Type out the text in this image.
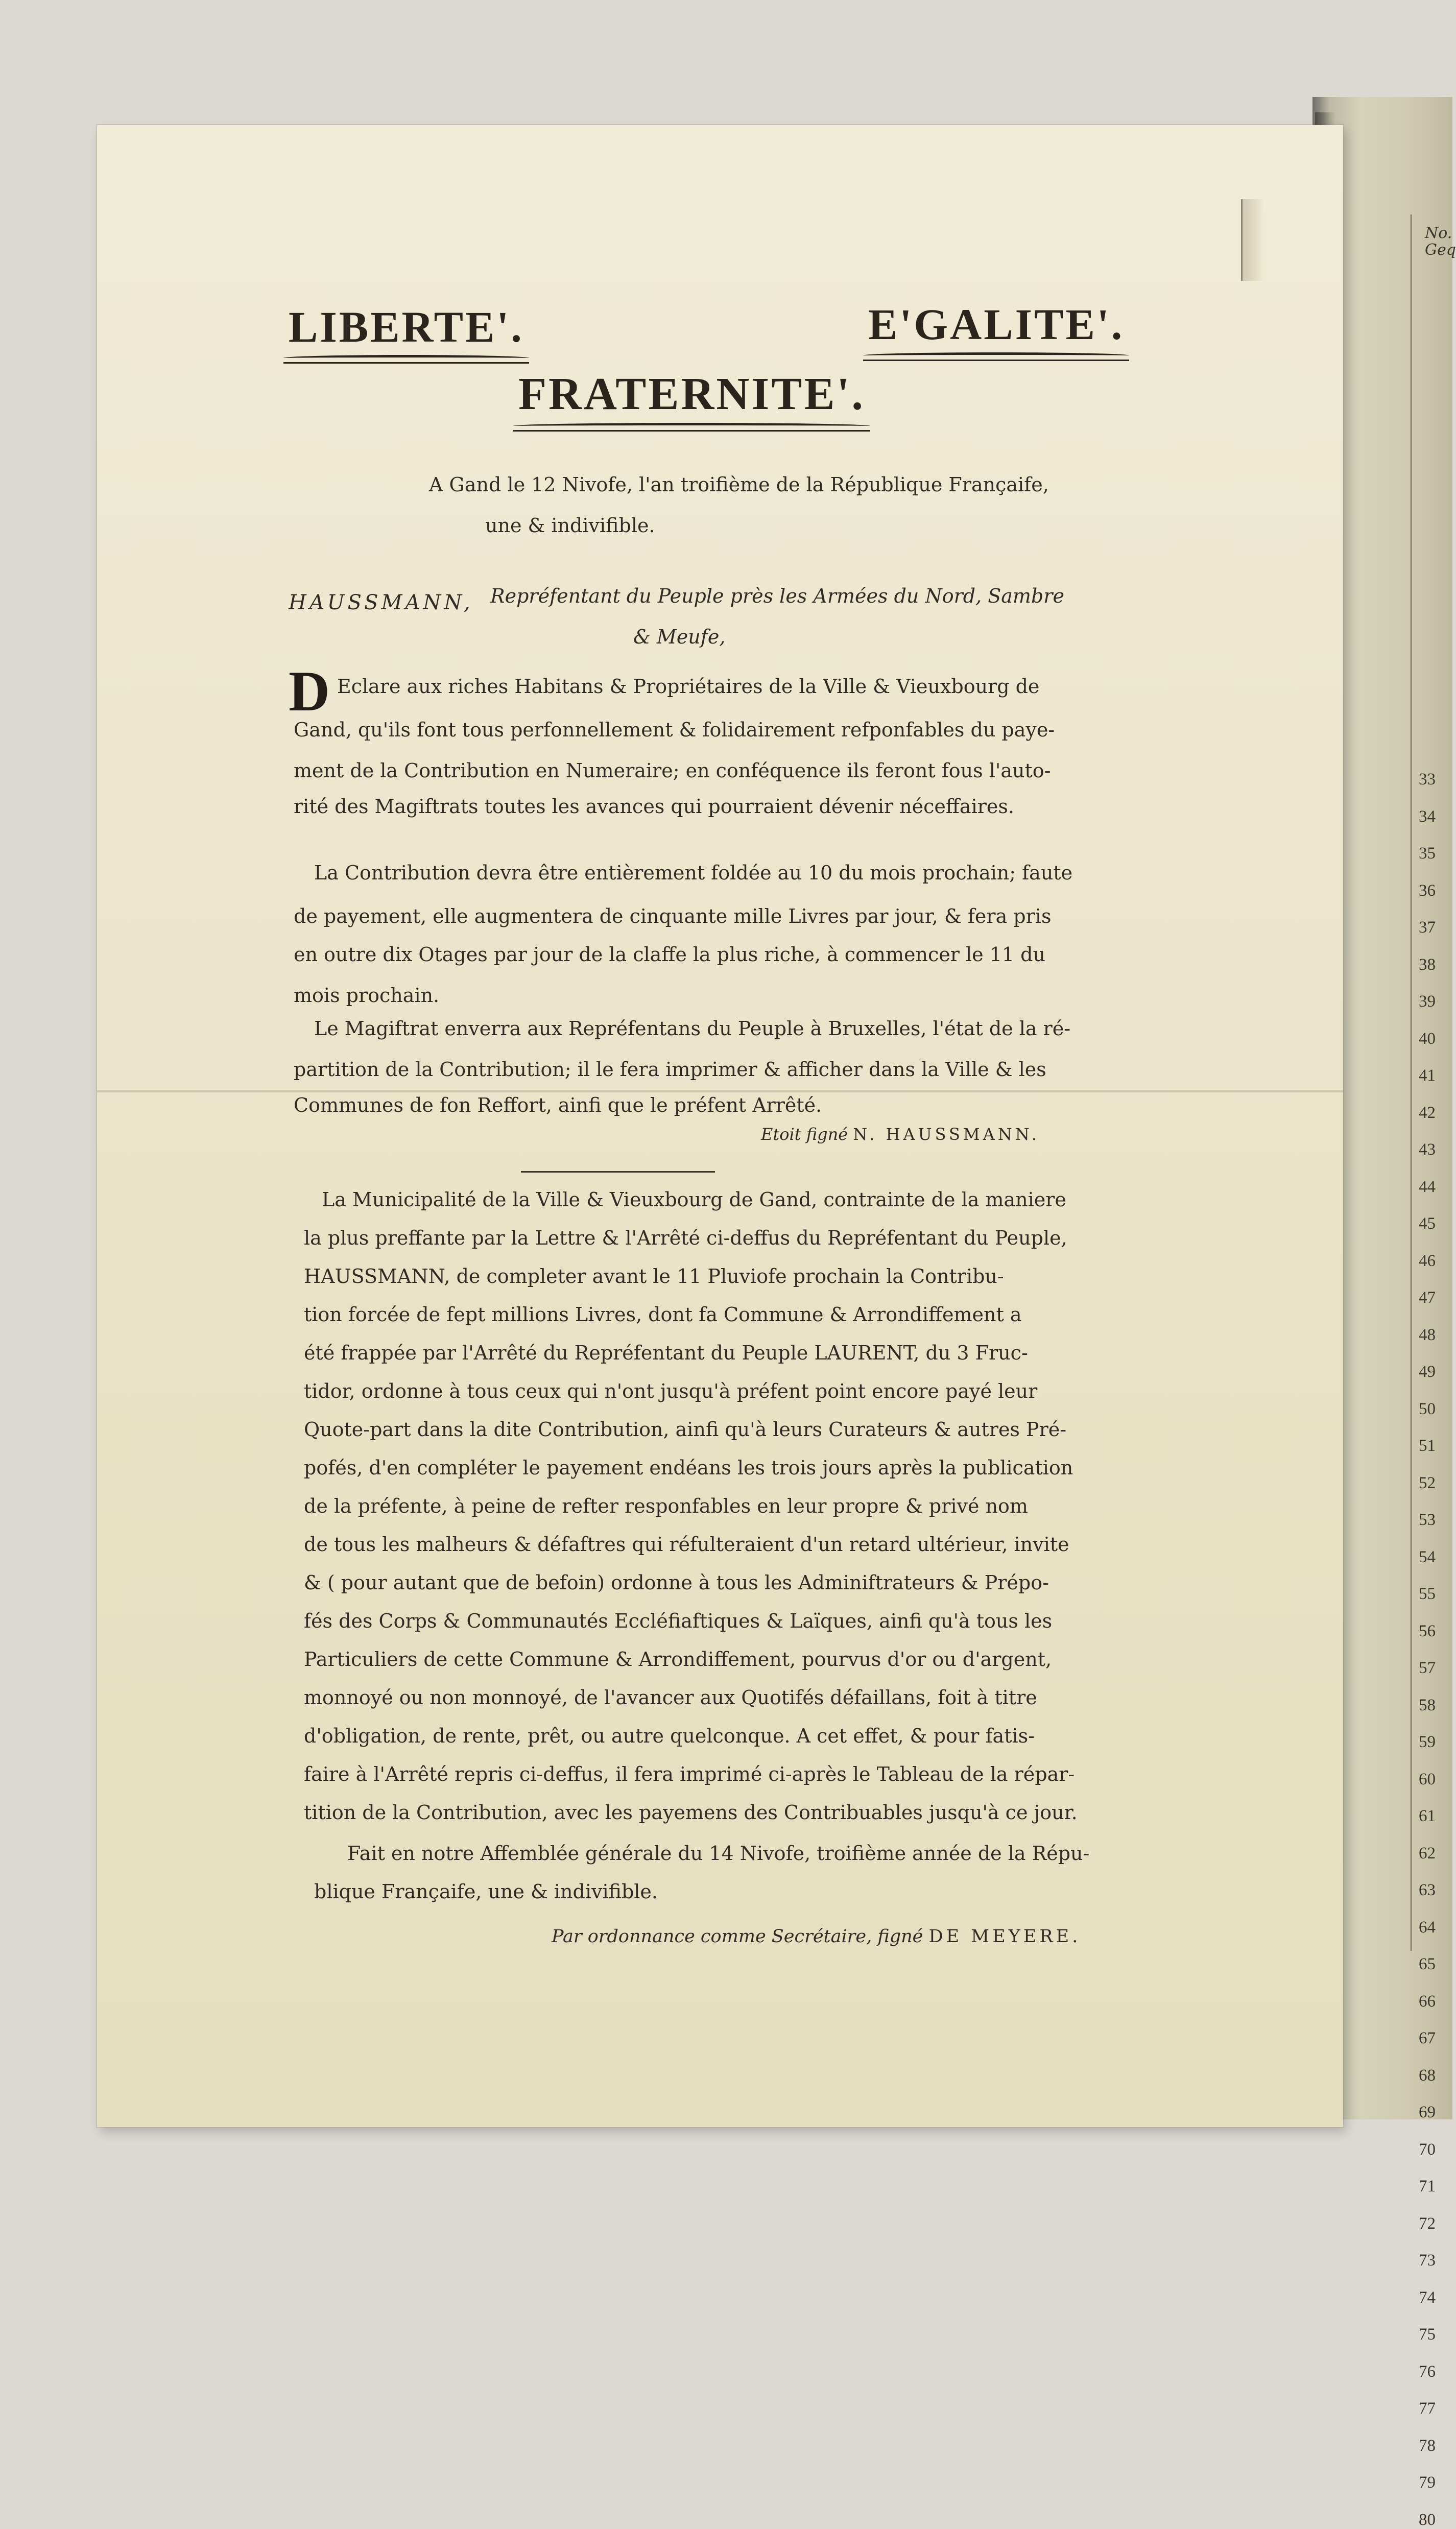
No.
Geq
33
34
35
36
37
38
39
40
41
42
43
44
45
46
47
48
49
50
51
52
53
54
55
56
57
58
59
60
61
62
63
64
65
66
67
68
69
70
71
72
73
74
75
76
77
78
79
80
LIBERTE'.	E'GALITE'.
FRATERNITE'.
A Gand le 12 Nivofe, l'an troifième de la République Françaife,
une & indivifible.
HAUSSMANN, Repréfentant du Peuple près les Armées du Nord, Sambre
& Meufe,
D Eclare aux riches Habitans & Propriétaires de la Ville & Vieuxbourg de
Gand, qu'ils font tous perfonnellement & folidairement refponfables du paye-
ment de la Contribution en Numeraire; en conféquence ils feront fous l'auto-
rité des Magiftrats toutes les avances qui pourraient dévenir néceffaires.
La Contribution devra être entièrement foldée au 10 du mois prochain; faute
de payement, elle augmentera de cinquante mille Livres par jour, & fera pris
en outre dix Otages par jour de la claffe la plus riche, à commencer le 11 du
mois prochain.
Le Magiftrat enverra aux Repréfentans du Peuple à Bruxelles, l'état de la ré-
partition de la Contribution; il le fera imprimer & afficher dans la Ville & les
Communes de fon Reffort, ainfi que le préfent Arrêté.
Etoit figné N. HAUSSMANN.
La Municipalité de la Ville & Vieuxbourg de Gand, contrainte de la maniere
la plus preffante par la Lettre & l'Arrêté ci-deffus du Repréfentant du Peuple,
HAUSSMANN, de completer avant le 11 Pluviofe prochain la Contribu-
tion forcée de fept millions Livres, dont fa Commune & Arrondiffement a
été frappée par l'Arrêté du Repréfentant du Peuple LAURENT, du 3 Fruc-
tidor, ordonne à tous ceux qui n'ont jusqu'à préfent point encore payé leur
Quote-part dans la dite Contribution, ainfi qu'à leurs Curateurs & autres Pré-
pofés, d'en compléter le payement endéans les trois jours après la publication
de la préfente, à peine de refter responfables en leur propre & privé nom
de tous les malheurs & défaftres qui réfulteraient d'un retard ultérieur, invite
& ( pour autant que de befoin) ordonne à tous les Adminiftrateurs & Prépo-
fés des Corps & Communautés Eccléfiaftiques & Laïques, ainfi qu'à tous les
Particuliers de cette Commune & Arrondiffement, pourvus d'or ou d'argent,
monnoyé ou non monnoyé, de l'avancer aux Quotifés défaillans, foit à titre
d'obligation, de rente, prêt, ou autre quelconque. A cet effet, & pour fatis-
faire à l'Arrêté repris ci-deffus, il fera imprimé ci-après le Tableau de la répar-
tition de la Contribution, avec les payemens des Contribuables jusqu'à ce jour.
Fait en notre Affemblée générale du 14 Nivofe, troifième année de la Répu-
blique Françaife, une & indivifible.
Par ordonnance comme Secrétaire, figné DE MEYERE.
